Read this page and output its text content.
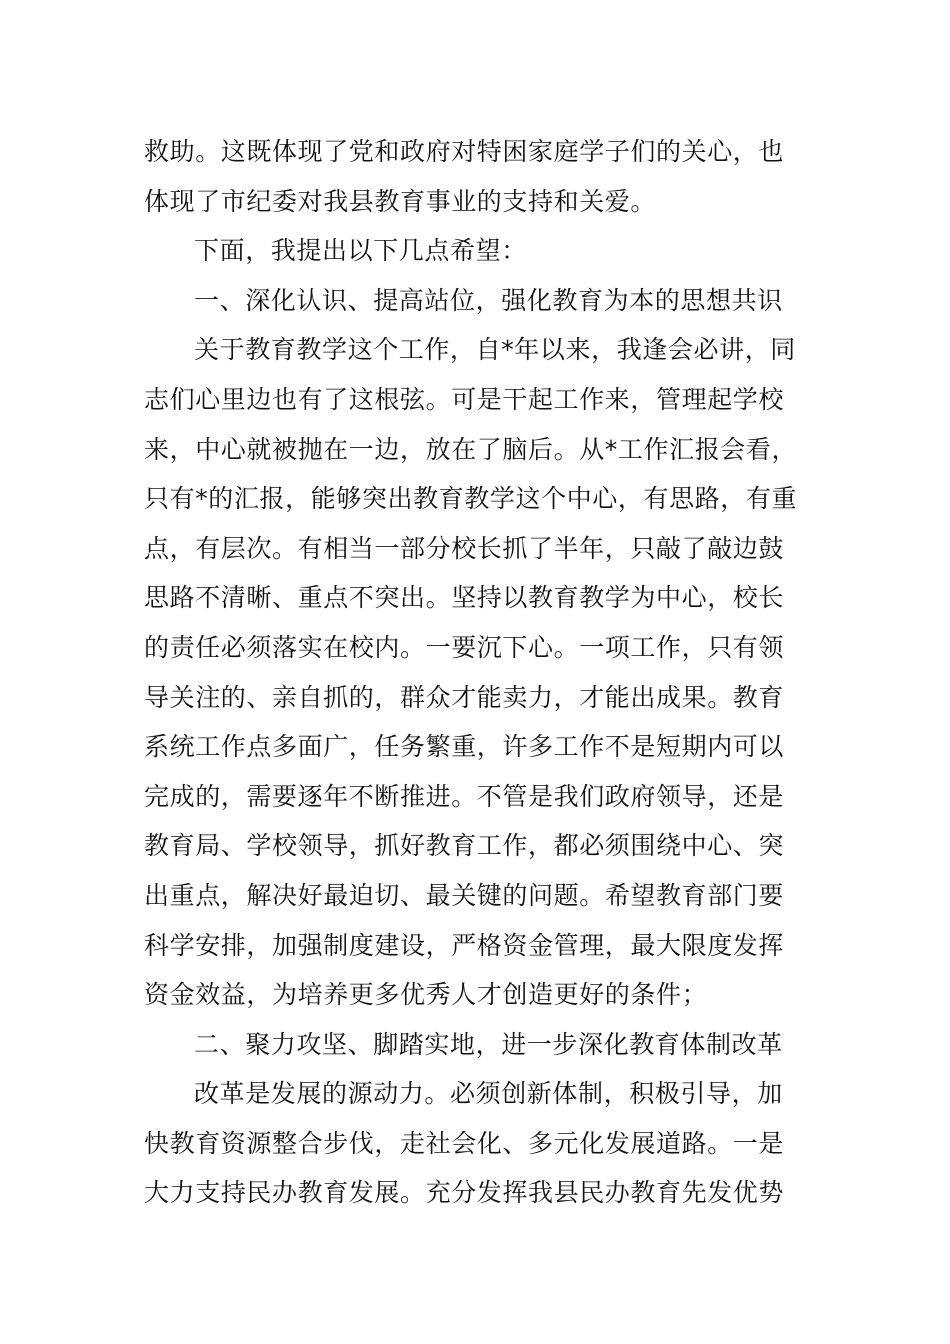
救助。这既体现了党和政府对特困家庭学子们的关心，也
体现了市纪委对我县教育事业的支持和关爱。
下面，我提出以下几点希望：
一、深化认识、提高站位，强化教育为本的思想共识
关于教育教学这个工作，自*年以来，我逢会必讲，同
志们心里边也有了这根弦。可是干起工作来，管理起学校
来，中心就被抛在一边，放在了脑后。从*工作汇报会看，
只有*的汇报，能够突出教育教学这个中心，有思路，有重
点，有层次。有相当一部分校长抓了半年，只敲了敲边鼓
思路不清晰、重点不突出。坚持以教育教学为中心，校长
的责任必须落实在校内。一要沉下心。一项工作，只有领
导关注的、亲自抓的，群众才能卖力，才能出成果。教育
系统工作点多面广，任务繁重，许多工作不是短期内可以
完成的，需要逐年不断推进。不管是我们政府领导，还是
教育局、学校领导，抓好教育工作，都必须围绕中心、突
出重点，解决好最迫切、最关键的问题。希望教育部门要
科学安排，加强制度建设，严格资金管理，最大限度发挥
资金效益，为培养更多优秀人才创造更好的条件；
二、聚力攻坚、脚踏实地，进一步深化教育体制改革
改革是发展的源动力。必须创新体制，积极引导，加
快教育资源整合步伐，走社会化、多元化发展道路。一是
大力支持民办教育发展。充分发挥我县民办教育先发优势
